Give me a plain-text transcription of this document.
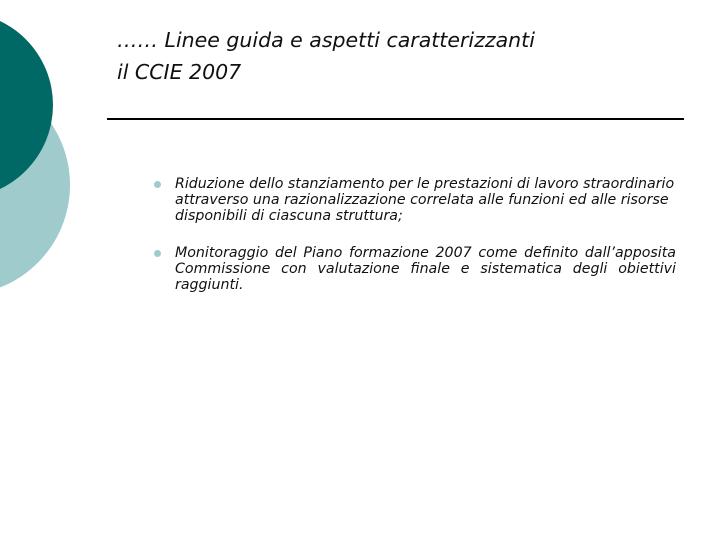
…… Linee guida e aspetti caratterizzanti
il CCIE 2007
Riduzione dello stanziamento per le prestazioni di lavoro straordinario attraverso una razionalizzazione correlata alle funzioni ed alle risorse disponibili di ciascuna struttura;
Monitoraggio del Piano formazione 2007 come definito dall’apposita Commissione con valutazione finale e sistematica degli obiettivi raggiunti.
